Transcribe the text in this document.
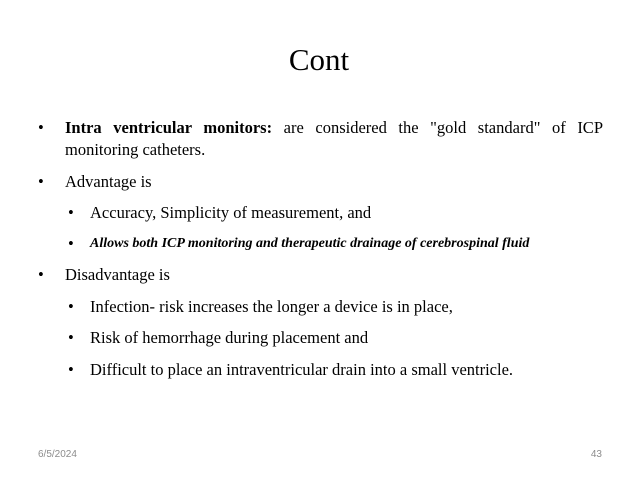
Cont
• Intra ventricular monitors: are considered the "gold standard" of ICP monitoring catheters.
• Advantage is
• Accuracy, Simplicity of measurement, and
• Allows both ICP monitoring and therapeutic drainage of cerebrospinal fluid
• Disadvantage is
• Infection- risk increases the longer a device is in place,
• Risk of hemorrhage during placement and
• Difficult to place an intraventricular drain into a small ventricle.
6/5/2024	43
